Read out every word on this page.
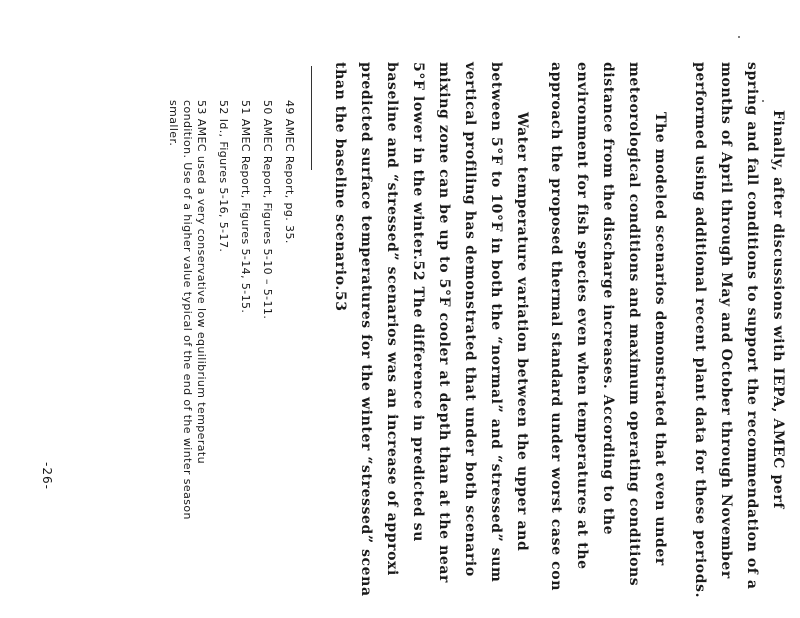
Finally, after discussions with IEPA, AMEC perf
spring and fall conditions to support the recommendation of a
months of April through May and October through November
performed using additional recent plant data for these periods.
The modeled scenarios demonstrated that even under
meteorological conditions and maximum operating conditions
distance from the discharge increases. According to the
environment for fish species even when temperatures at the
approach the proposed thermal standard under worst case con
Water temperature variation between the upper and
between 5°F to 10°F in both the “normal” and “stressed” sum
vertical profiling has demonstrated that under both scenario
mixing zone can be up to 5°F cooler at depth than at the near
5°F lower in the winter.52 The difference in predicted su
baseline and “stressed” scenarios was an increase of approxi
predicted surface temperatures for the winter “stressed” scena
than the baseline scenario.53
49 AMEC Report, pg. 35.
50 AMEC Report, Figures 5-10 – 5-11.
51 AMEC Report, Figures 5-14, 5-15.
52 Id., Figures 5-16, 5-17.
53 AMEC used a very conservative low equilibrium temperatu
condition. Use of a higher value typical of the end of the winter season
smaller.
-26-
